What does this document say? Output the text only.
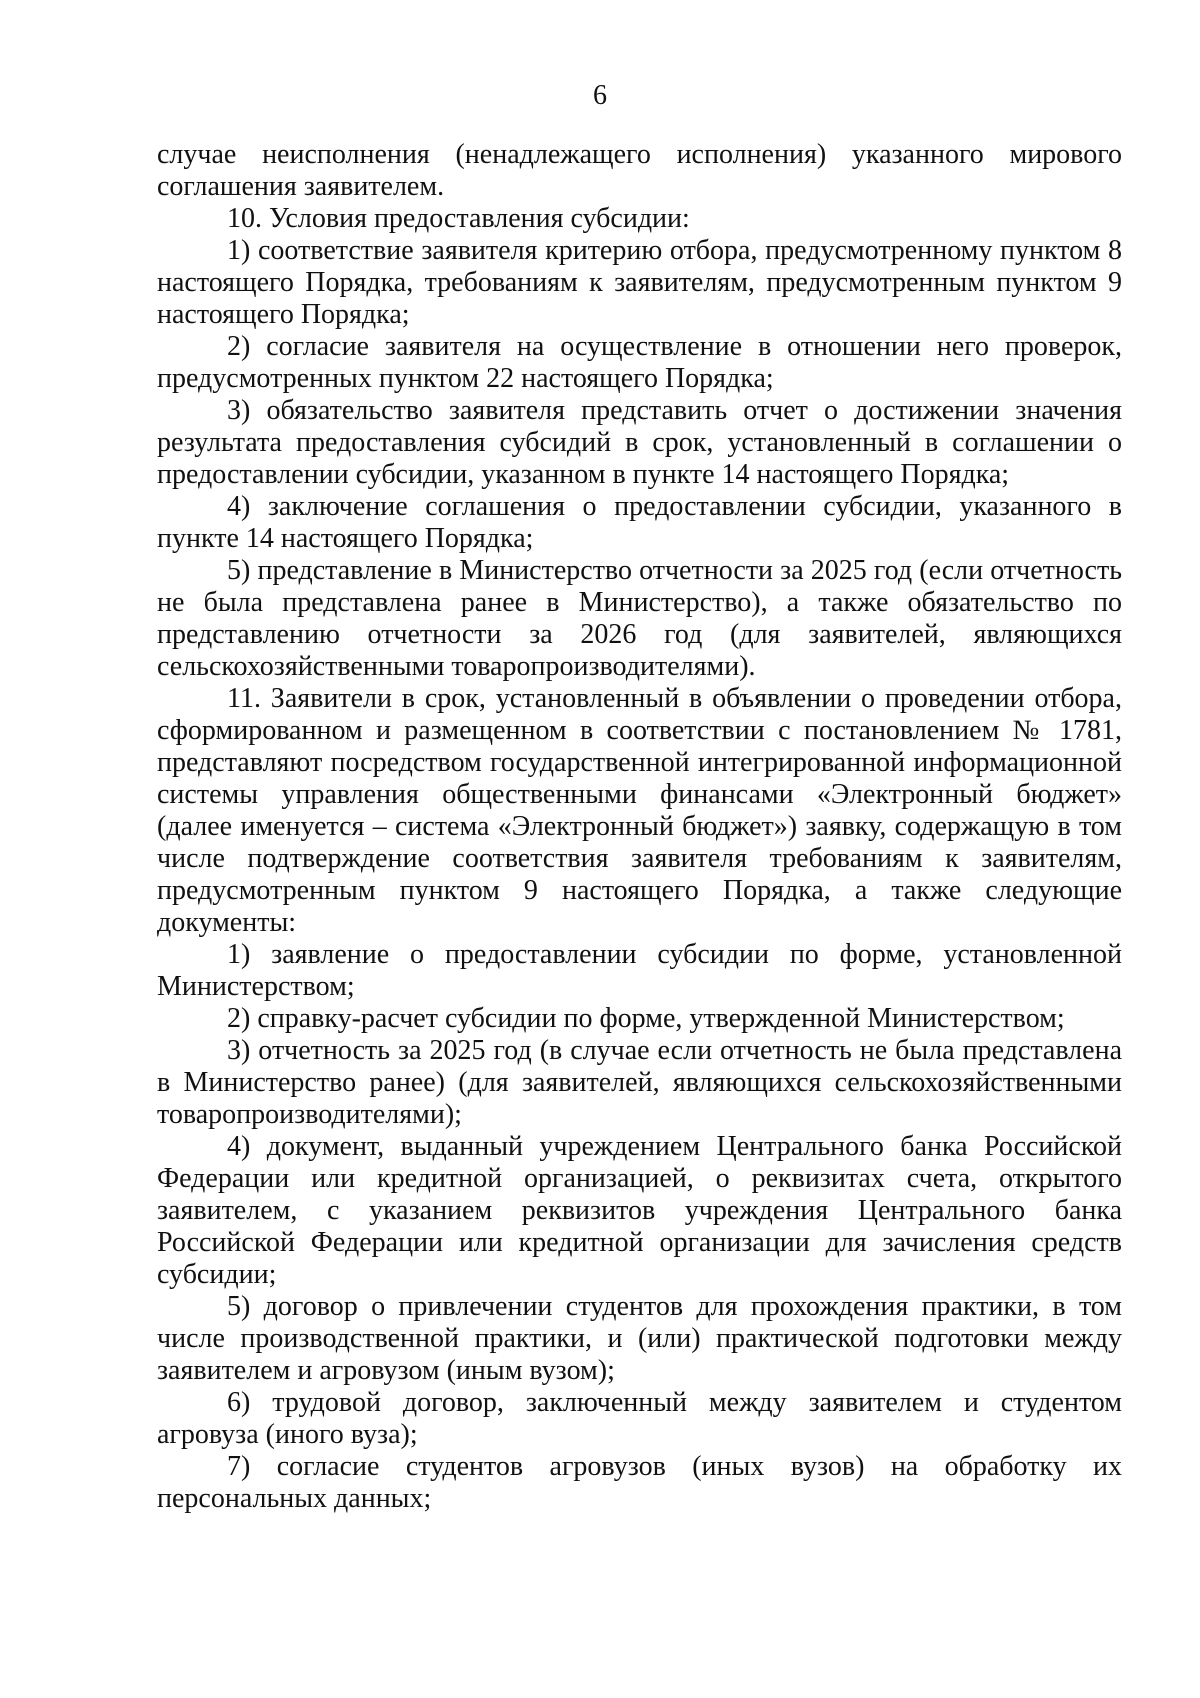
6

случае неисполнения (ненадлежащего исполнения) указанного мирового соглашения заявителем.

10. Условия предоставления субсидии:

1) соответствие заявителя критерию отбора, предусмотренному пунктом 8 настоящего Порядка, требованиям к заявителям, предусмотренным пунктом 9 настоящего Порядка;

2) согласие заявителя на осуществление в отношении него проверок, предусмотренных пунктом 22 настоящего Порядка;

3) обязательство заявителя представить отчет о достижении значения результата предоставления субсидий в срок, установленный в соглашении о предоставлении субсидии, указанном в пункте 14 настоящего Порядка;

4) заключение соглашения о предоставлении субсидии, указанного в пункте 14 настоящего Порядка;

5) представление в Министерство отчетности за 2025 год (если отчетность не была представлена ранее в Министерство), а также обязательство по представлению отчетности за 2026 год (для заявителей, являющихся сельскохозяйственными товаропроизводителями).

11. Заявители в срок, установленный в объявлении о проведении отбора, сформированном и размещенном в соответствии с постановлением № 1781, представляют посредством государственной интегрированной информационной системы управления общественными финансами «Электронный бюджет» (далее именуется – система «Электронный бюджет») заявку, содержащую в том числе подтверждение соответствия заявителя требованиям к заявителям, предусмотренным пунктом 9 настоящего Порядка, а также следующие документы:

1) заявление о предоставлении субсидии по форме, установленной Министерством;

2) справку-расчет субсидии по форме, утвержденной Министерством;

3) отчетность за 2025 год (в случае если отчетность не была представлена в Министерство ранее) (для заявителей, являющихся сельскохозяйственными товаропроизводителями);

4) документ, выданный учреждением Центрального банка Российской Федерации или кредитной организацией, о реквизитах счета, открытого заявителем, с указанием реквизитов учреждения Центрального банка Российской Федерации или кредитной организации для зачисления средств субсидии;

5) договор о привлечении студентов для прохождения практики, в том числе производственной практики, и (или) практической подготовки между заявителем и агровузом (иным вузом);

6) трудовой договор, заключенный между заявителем и студентом агровуза (иного вуза);

7) согласие студентов агровузов (иных вузов) на обработку их персональных данных;
